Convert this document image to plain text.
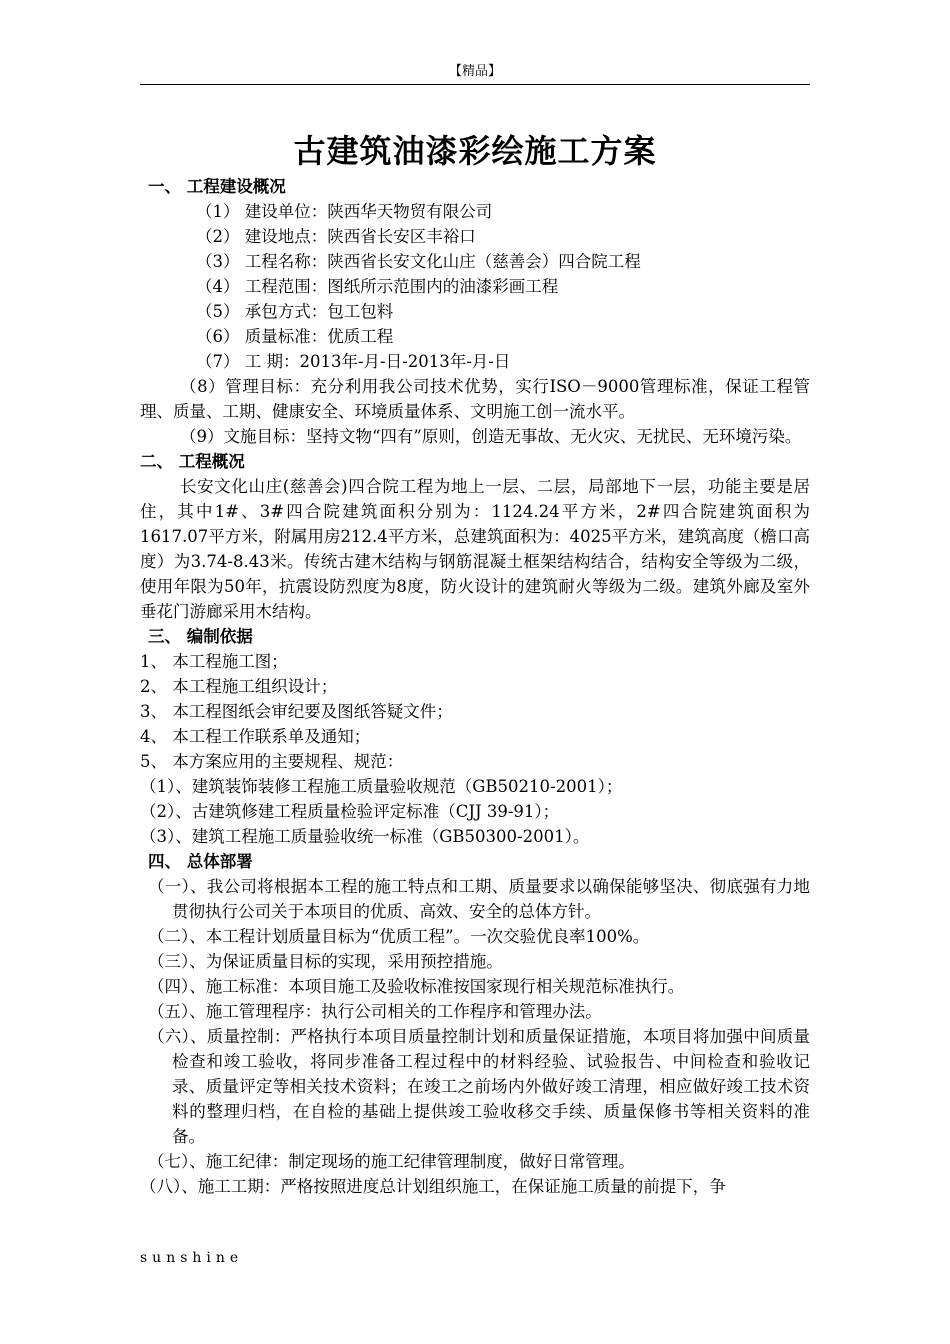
【精品】
古建筑油漆彩绘施工方案
一、 工程建设概况
（1） 建设单位：陕西华天物贸有限公司
（2） 建设地点：陕西省长安区丰裕口
（3） 工程名称：陕西省长安文化山庄（慈善会）四合院工程
（4） 工程范围：图纸所示范围内的油漆彩画工程
（5） 承包方式：包工包料
（6） 质量标准：优质工程
（7） 工 期：2013年-月-日-2013年-月-日
（8）管理目标：充分利用我公司技术优势，实行ISO－9000管理标准，保证工程管理、质量、工期、健康安全、环境质量体系、文明施工创一流水平。
（9）文施目标：坚持文物“四有”原则，创造无事故、无火灾、无扰民、无环境污染。
二、 工程概况
长安文化山庄(慈善会)四合院工程为地上一层、二层，局部地下一层，功能主要是居住，其中1#、3#四合院建筑面积分别为：1124.24平方米，2#四合院建筑面积为1617.07平方米，附属用房212.4平方米，总建筑面积为：4025平方米，建筑高度（檐口高度）为3.74-8.43米。传统古建木结构与钢筋混凝土框架结构结合，结构安全等级为二级，使用年限为50年，抗震设防烈度为8度，防火设计的建筑耐火等级为二级。建筑外廊及室外垂花门游廊采用木结构。
三、 编制依据
1、 本工程施工图；
2、 本工程施工组织设计；
3、 本工程图纸会审纪要及图纸答疑文件；
4、 本工程工作联系单及通知；
5、 本方案应用的主要规程、规范：
（1）、建筑装饰装修工程施工质量验收规范（GB50210-2001）；
（2）、古建筑修建工程质量检验评定标准（CJJ 39-91）；
（3）、建筑工程施工质量验收统一标准（GB50300-2001）。
四、 总体部署
（一）、我公司将根据本工程的施工特点和工期、质量要求以确保能够坚决、彻底强有力地贯彻执行公司关于本项目的优质、高效、安全的总体方针。
（二）、本工程计划质量目标为“优质工程”。一次交验优良率100%。
（三）、为保证质量目标的实现，采用预控措施。
（四）、施工标准：本项目施工及验收标准按国家现行相关规范标准执行。
（五）、施工管理程序：执行公司相关的工作程序和管理办法。
（六）、质量控制：严格执行本项目质量控制计划和质量保证措施，本项目将加强中间质量检查和竣工验收，将同步准备工程过程中的材料经验、试验报告、中间检查和验收记录、质量评定等相关技术资料；在竣工之前场内外做好竣工清理，相应做好竣工技术资料的整理归档，在自检的基础上提供竣工验收移交手续、质量保修书等相关资料的准备。
（七）、施工纪律：制定现场的施工纪律管理制度，做好日常管理。
（八）、施工工期：严格按照进度总计划组织施工，在保证施工质量的前提下，争
sunshine
